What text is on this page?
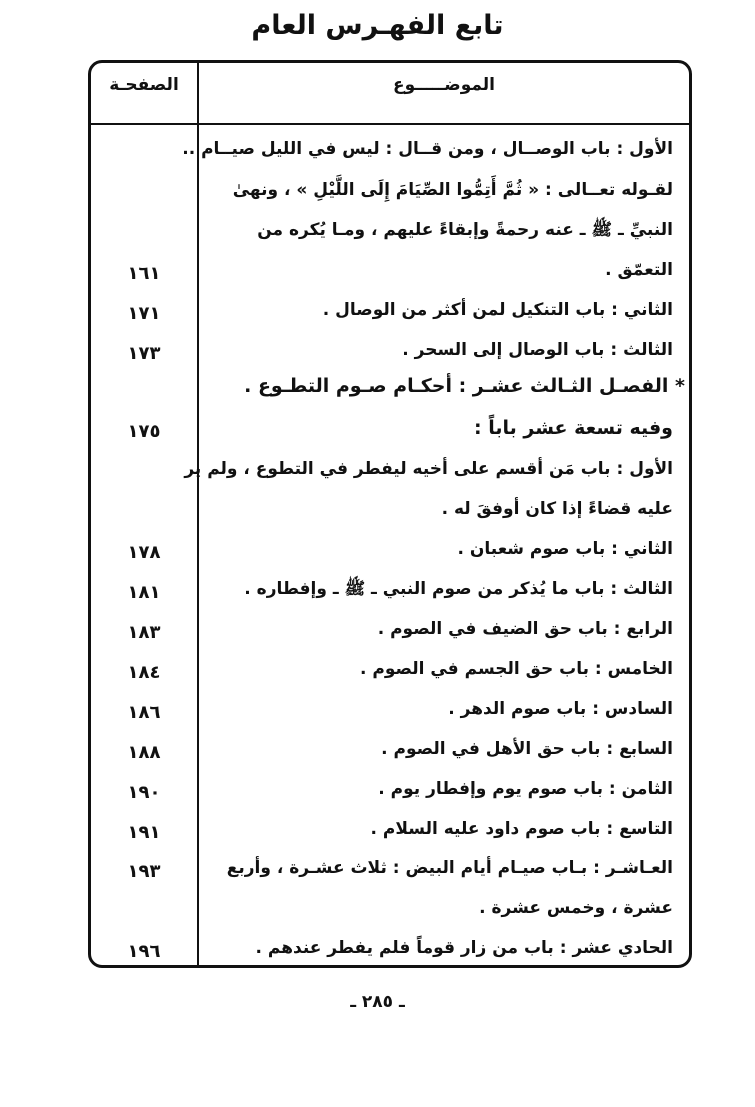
تابع الفهـرس العام
الصفحـة	الموضـــــوع
الأول : باب الوصــال ، ومن قــال : ليس في الليل صيــام ..
لقـوله تعــالى : « ثُمَّ أَتِمُّوا الصِّيَامَ إِلَى اللَّيْلِ » ، ونهىٰ
النبيِّ ـ ﷺ ـ عنه رحمةً وإبقاءً عليهم ، ومـا يُكره من
التعمّق .
١٦١
الثاني : باب التنكيل لمن أكثر من الوصال .
١٧١
الثالث : باب الوصال إلى السحر .
١٧٣
* الفصـل الثـالث عشـر : أحكـام صـوم التطـوع .
وفيه تسعة عشر باباً :
١٧٥
الأول : باب مَن أقسم على أخيه ليفطر في التطوع ، ولم ير
عليه قضاءً إذا كان أوفقَ له .
الثاني : باب صوم شعبان .
١٧٨
الثالث : باب ما يُذكر من صوم النبي ـ ﷺ ـ وإفطاره .
١٨١
الرابع : باب حق الضيف في الصوم .
١٨٣
الخامس : باب حق الجسم في الصوم .
١٨٤
السادس : باب صوم الدهر .
١٨٦
السابع : باب حق الأهل في الصوم .
١٨٨
الثامن : باب صوم يوم وإفطار يوم .
١٩٠
التاسع : باب صوم داود عليه السلام .
١٩١
العـاشـر : بـاب صيـام أيام البيض : ثلاث عشـرة ، وأربع
عشرة ، وخمس عشرة .
١٩٣
الحادي عشر : باب من زار قوماً فلم يفطر عندهم .
١٩٦
ـ ٢٨٥ ـ
